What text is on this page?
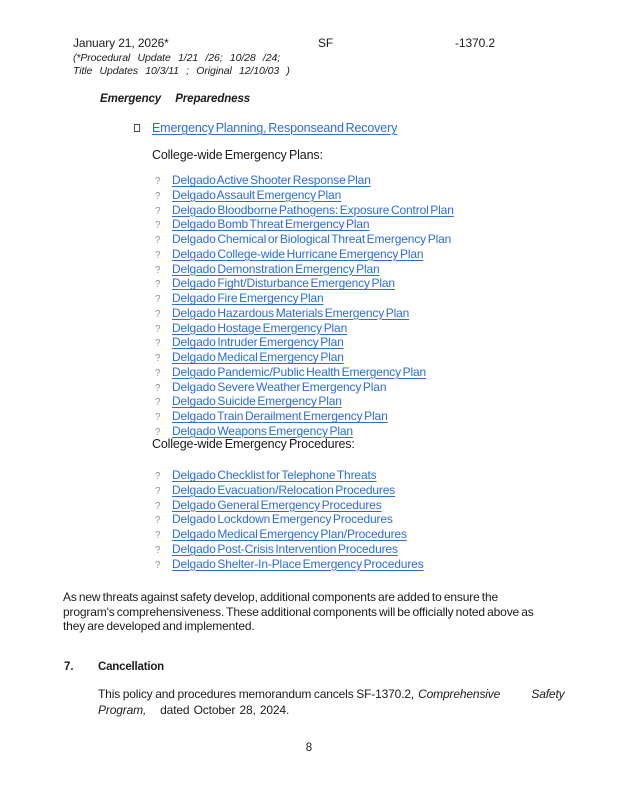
January 21, 2026*	SF	-1370.2
(*Procedural Update 1/21 /26; 10/28 /24;
Title Updates 10/3/11 ; Original 12/10/03 )
Emergency Preparedness
Emergency Planning, Responseand Recovery
College-wide Emergency Plans:
? Delgado Active Shooter Response Plan
? Delgado Assault Emergency Plan
? Delgado Bloodborne Pathogens: Exposure Control Plan
? Delgado Bomb Threat Emergency Plan
? Delgado Chemical or Biological Threat Emergency Plan
? Delgado College-wide Hurricane Emergency Plan
? Delgado Demonstration Emergency Plan
? Delgado Fight/Disturbance Emergency Plan
? Delgado Fire Emergency Plan
? Delgado Hazardous Materials Emergency Plan
? Delgado Hostage Emergency Plan
? Delgado Intruder Emergency Plan
? Delgado Medical Emergency Plan
? Delgado Pandemic/Public Health Emergency Plan
? Delgado Severe Weather Emergency Plan
? Delgado Suicide Emergency Plan
? Delgado Train Derailment Emergency Plan
? Delgado Weapons Emergency Plan
College-wide Emergency Procedures:
? Delgado Checklist for Telephone Threats
? Delgado Evacuation/Relocation Procedures
? Delgado General Emergency Procedures
? Delgado Lockdown Emergency Procedures
? Delgado Medical Emergency Plan/Procedures
? Delgado Post-Crisis Intervention Procedures
? Delgado Shelter-In-Place Emergency Procedures
As new threats against safety develop, additional components are added to ensure the
program's comprehensiveness. These additional components will be officially noted above as
they are developed and implemented.
7. Cancellation
This policy and procedures memorandum cancels SF-1370.2, Comprehensive Safety
Program, dated October 28, 2024.
8
